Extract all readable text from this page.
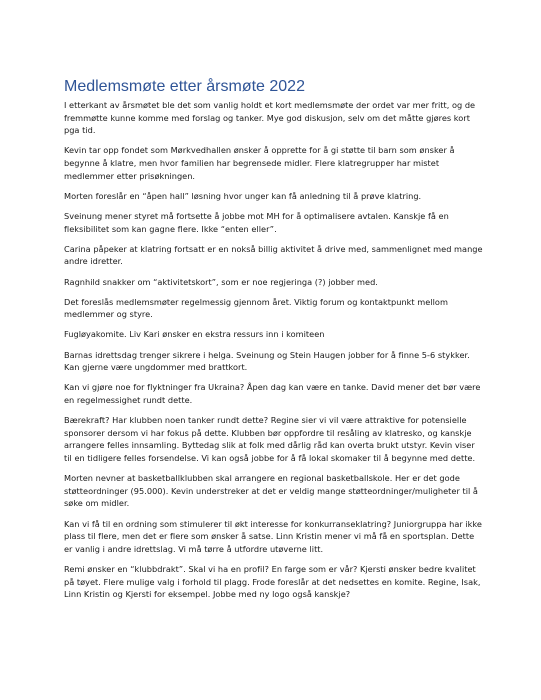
Medlemsmøte etter årsmøte 2022

I etterkant av årsmøtet ble det som vanlig holdt et kort medlemsmøte der ordet var mer fritt, og de fremmøtte kunne komme med forslag og tanker. Mye god diskusjon, selv om det måtte gjøres kort pga tid.

Kevin tar opp fondet som Mørkvedhallen ønsker å opprette for å gi støtte til barn som ønsker å begynne å klatre, men hvor familien har begrensede midler. Flere klatregrupper har mistet medlemmer etter prisøkningen.

Morten foreslår en “åpen hall” løsning hvor unger kan få anledning til å prøve klatring.

Sveinung mener styret må fortsette å jobbe mot MH for å optimalisere avtalen. Kanskje få en fleksibilitet som kan gagne flere. Ikke “enten eller”.

Carina påpeker at klatring fortsatt er en nokså billig aktivitet å drive med, sammenlignet med mange andre idretter.

Ragnhild snakker om “aktivitetskort”, som er noe regjeringa (?) jobber med.

Det foreslås medlemsmøter regelmessig gjennom året. Viktig forum og kontaktpunkt mellom medlemmer og styre.

Fugløyakomite. Liv Kari ønsker en ekstra ressurs inn i komiteen

Barnas idrettsdag trenger sikrere i helga. Sveinung og Stein Haugen jobber for å finne 5-6 stykker. Kan gjerne være ungdommer med brattkort.

Kan vi gjøre noe for flyktninger fra Ukraina? Åpen dag kan være en tanke. David mener det bør være en regelmessighet rundt dette.

Bærekraft? Har klubben noen tanker rundt dette? Regine sier vi vil være attraktive for potensielle sponsorer dersom vi har fokus på dette. Klubben bør oppfordre til resåling av klatresko, og kanskje arrangere felles innsamling. Byttedag slik at folk med dårlig råd kan overta brukt utstyr. Kevin viser til en tidligere felles forsendelse. Vi kan også jobbe for å få lokal skomaker til å begynne med dette.

Morten nevner at basketballklubben skal arrangere en regional basketballskole. Her er det gode støtteordninger (95.000). Kevin understreker at det er veldig mange støtteordninger/muligheter til å søke om midler.

Kan vi få til en ordning som stimulerer til økt interesse for konkurranseklatring? Juniorgruppa har ikke plass til flere, men det er flere som ønsker å satse. Linn Kristin mener vi må få en sportsplan. Dette er vanlig i andre idrettslag. Vi må tørre å utfordre utøverne litt.

Remi ønsker en “klubbdrakt”. Skal vi ha en profil? En farge som er vår? Kjersti ønsker bedre kvalitet på tøyet. Flere mulige valg i forhold til plagg. Frode foreslår at det nedsettes en komite. Regine, Isak, Linn Kristin og Kjersti for eksempel. Jobbe med ny logo også kanskje?
